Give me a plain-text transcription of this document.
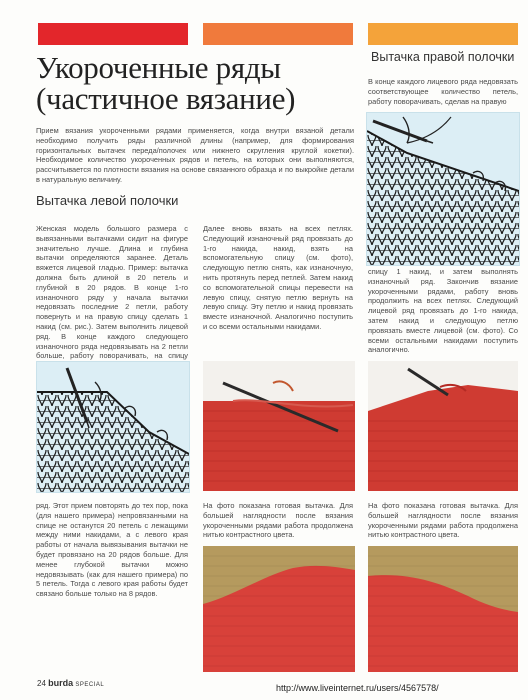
Укороченные ряды
(частичное вязание)
Вытачка правой полочки
В конце каждого лицевого ряда недовязать соответствующее количество петель, работу поворачивать, сделав на правую
Прием вязания укороченными рядами применяется, когда внутри вязаной детали необходимо получить ряды различной длины (например, для формирования горизонтальных вытачек переда/полочек или нижнего скругления круглой кокетки). Необходимое количество укороченных рядов и петель, на которых они выполняются, рассчитывается по плотности вязания на основе связанного образца и по выкройке детали в натуральную величину.
Вытачка левой полочки
Женская модель большого размера с вывязанными вытачками сидит на фигуре значительно лучше. Длина и глубина вытачки определяются заранее. Деталь вяжется лицевой гладью. Пример: вытачка должна быть длиной в 20 петель и глубиной в 20 рядов. В конце 1-го изнаночного ряду у начала вытачки недовязать последние 2 петли, работу повернуть и на правую спицу сделать 1 накид (см. рис.). Затем выполнить лицевой ряд. В конце каждого следующего изнаночного ряда недовязывать на 2 петли больше, работу поворачивать, на спицу
Далее вновь вязать на всех петлях. Следующий изнаночный ряд провязать до 1-го накида, накид, взять на вспомогательную спицу (см. фото), следующую петлю снять, как изнаночную, нить протянуть перед петлей. Затем накид со вспомогательной спицы перевести на левую спицу, снятую петлю вернуть на левую спицу. Эту петлю и накид провязать вместе изнаночной. Аналогично поступить и со всеми остальными накидами.
спицу 1 накид, и затем выполнять изнаночный ряд. Закончив вязание укороченными рядами, работу вновь продолжить на всех петлях. Следующий лицевой ряд провязать до 1-го накида, затем накид и следующую петлю провязать вместе лицевой (см. фото). Со всеми остальными накидами поступить аналогично.
ряд. Этот прием повторять до тех пор, пока (для нашего примера) непровязанными на спице не останутся 20 петель с лежащими между ними накидами, а с левого края работы от начала вывязывания вытачки не будет провязано на 20 рядов больше. Для менее глубокой вытачки можно недовязывать (как для нашего примера) по 5 петель. Тогда с левого края работы будет связано больше только на 8 рядов.
На фото показана готовая вытачка. Для большей наглядности после вязания укороченными рядами работа продолжена нитью контрастного цвета.
На фото показана готовая вытачка. Для большей наглядности после вязания укороченными рядами работа продолжена нитью контрастного цвета.
24 burda SPECIAL	http://www.liveinternet.ru/users/4567578/
